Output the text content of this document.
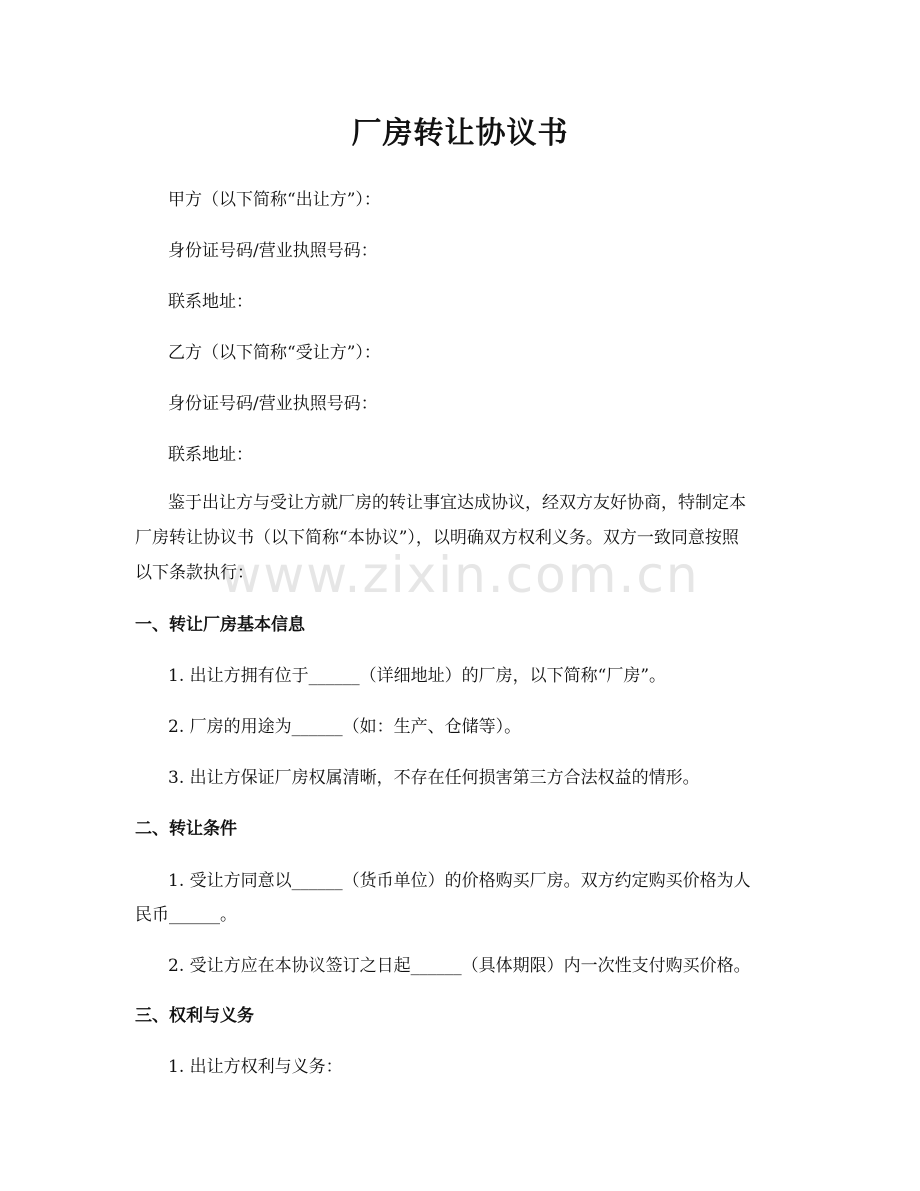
www.zixin.com.cn
厂房转让协议书

甲方（以下简称“出让方”）：

身份证号码/营业执照号码：

联系地址：

乙方（以下简称“受让方”）：

身份证号码/营业执照号码：

联系地址：

鉴于出让方与受让方就厂房的转让事宜达成协议，经双方友好协商，特制定本

厂房转让协议书（以下简称“本协议”），以明确双方权利义务。双方一致同意按照

以下条款执行：

一、转让厂房基本信息

1. 出让方拥有位于______（详细地址）的厂房，以下简称“厂房”。

2. 厂房的用途为______（如：生产、仓储等）。

3. 出让方保证厂房权属清晰，不存在任何损害第三方合法权益的情形。

二、转让条件

1. 受让方同意以______（货币单位）的价格购买厂房。双方约定购买价格为人

民币______。

2. 受让方应在本协议签订之日起______（具体期限）内一次性支付购买价格。

三、权利与义务

1. 出让方权利与义务：
